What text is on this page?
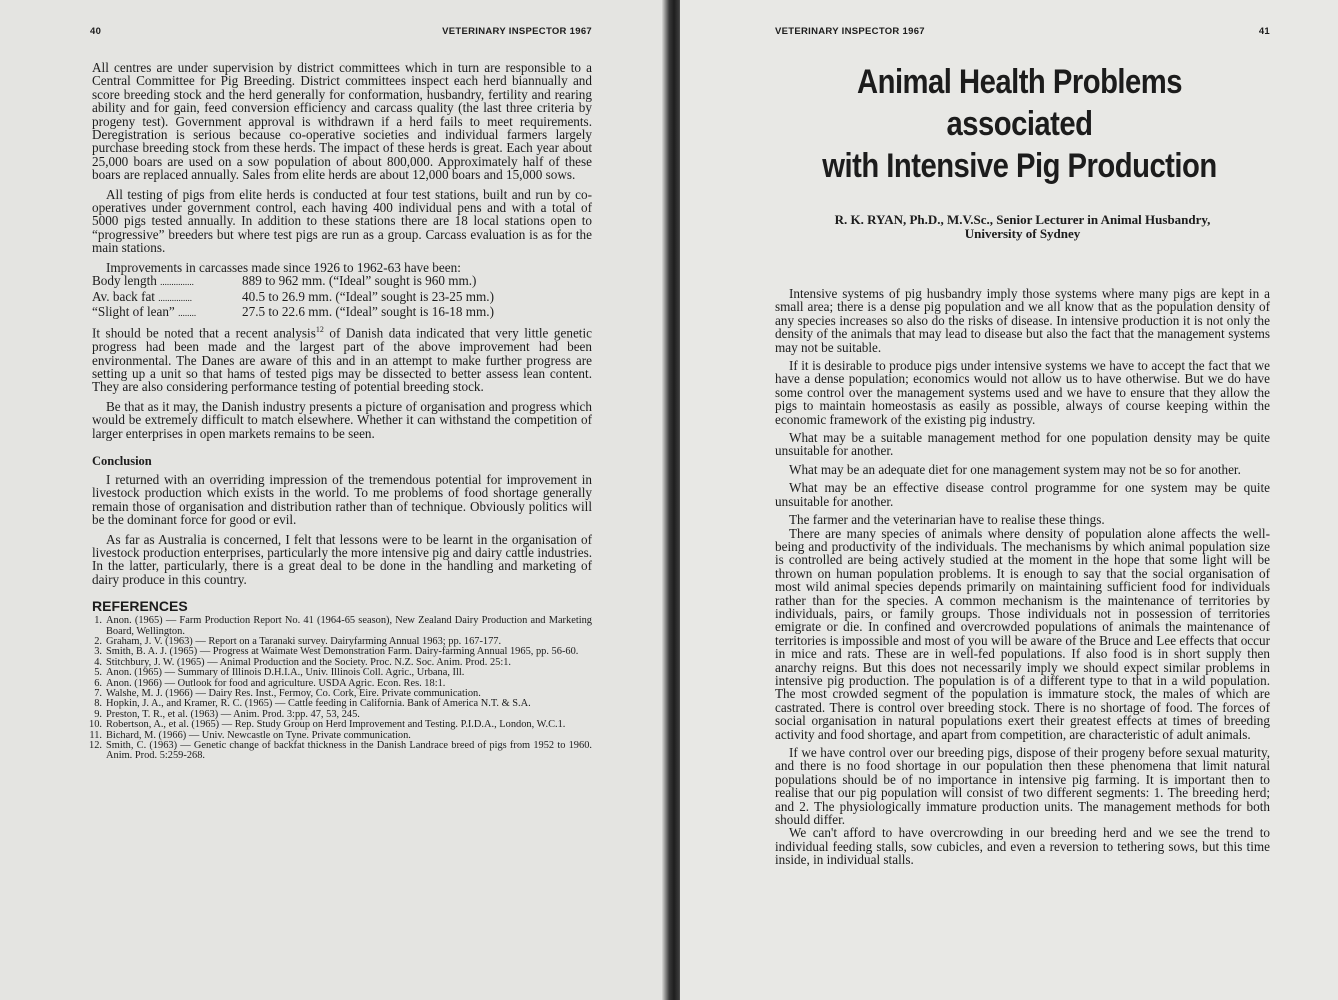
40	VETERINARY INSPECTOR 1967

All centres are under supervision by district committees which in turn are responsible to a Central Committee for Pig Breeding. District committees inspect each herd biannually and score breeding stock and the herd generally for conformation, husbandry, fertility and rearing ability and for gain, feed conversion efficiency and carcass quality (the last three criteria by progeny test). Government approval is withdrawn if a herd fails to meet requirements. Deregistration is serious because co-operative societies and individual farmers largely purchase breeding stock from these herds. The impact of these herds is great. Each year about 25,000 boars are used on a sow population of about 800,000. Approximately half of these boars are replaced annually. Sales from elite herds are about 12,000 boars and 15,000 sows.

All testing of pigs from elite herds is conducted at four test stations, built and run by co-operatives under government control, each having 400 individual pens and with a total of 5000 pigs tested annually. In addition to these stations there are 18 local stations open to “progressive” breeders but where test pigs are run as a group. Carcass evaluation is as for the main stations.

Improvements in carcasses made since 1926 to 1962-63 have been:

Body length ...............	889 to 962 mm. (“Ideal” sought is 960 mm.)
Av. back fat ...............	40.5 to 26.9 mm. (“Ideal” sought is 23-25 mm.)
“Slight of lean” ........	27.5 to 22.6 mm. (“Ideal” sought is 16-18 mm.)

It should be noted that a recent analysis$^{12}$ of Danish data indicated that very little genetic progress had been made and the largest part of the above improvement had been environmental. The Danes are aware of this and in an attempt to make further progress are setting up a unit so that hams of tested pigs may be dissected to better assess lean content. They are also considering performance testing of potential breeding stock.

Be that as it may, the Danish industry presents a picture of organisation and progress which would be extremely difficult to match elsewhere. Whether it can withstand the competition of larger enterprises in open markets remains to be seen.

Conclusion

I returned with an overriding impression of the tremendous potential for improvement in livestock production which exists in the world. To me problems of food shortage generally remain those of organisation and distribution rather than of technique. Obviously politics will be the dominant force for good or evil.

As far as Australia is concerned, I felt that lessons were to be learnt in the organisation of livestock production enterprises, particularly the more intensive pig and dairy cattle industries. In the latter, particularly, there is a great deal to be done in the handling and marketing of dairy produce in this country.

REFERENCES
1. Anon. (1965) — Farm Production Report No. 41 (1964-65 season), New Zealand Dairy Production and Marketing Board, Wellington.
2. Graham, J. V. (1963) — Report on a Taranaki survey. Dairyfarming Annual 1963; pp. 167-177.
3. Smith, B. A. J. (1965) — Progress at Waimate West Demonstration Farm. Dairy-farming Annual 1965, pp. 56-60.
4. Stitchbury, J. W. (1965) — Animal Production and the Society. Proc. N.Z. Soc. Anim. Prod. 25:1.
5. Anon. (1965) — Summary of Illinois D.H.I.A., Univ. Illinois Coll. Agric., Urbana, Ill.
6. Anon. (1966) — Outlook for food and agriculture. USDA Agric. Econ. Res. 18:1.
7. Walshe, M. J. (1966) — Dairy Res. Inst., Fermoy, Co. Cork, Eire. Private communication.
8. Hopkin, J. A., and Kramer, R. C. (1965) — Cattle feeding in California. Bank of America N.T. & S.A.
9. Preston, T. R., et al. (1963) — Anim. Prod. 3:pp. 47, 53, 245.
10. Robertson, A., et al. (1965) — Rep. Study Group on Herd Improvement and Testing. P.I.D.A., London, W.C.1.
11. Bichard, M. (1966) — Univ. Newcastle on Tyne. Private communication.
12. Smith, C. (1963) — Genetic change of backfat thickness in the Danish Landrace breed of pigs from 1952 to 1960. Anim. Prod. 5:259-268.
VETERINARY INSPECTOR 1967	41
Animal Health Problems associated
with Intensive Pig Production
R. K. RYAN, Ph.D., M.V.Sc., Senior Lecturer in Animal Husbandry,
University of Sydney

Intensive systems of pig husbandry imply those systems where many pigs are kept in a small area; there is a dense pig population and we all know that as the population density of any species increases so also do the risks of disease. In intensive production it is not only the density of the animals that may lead to disease but also the fact that the management systems may not be suitable.

If it is desirable to produce pigs under intensive systems we have to accept the fact that we have a dense population; economics would not allow us to have otherwise. But we do have some control over the management systems used and we have to ensure that they allow the pigs to maintain homeostasis as easily as possible, always of course keeping within the economic framework of the existing pig industry.

What may be a suitable management method for one population density may be quite unsuitable for another.

What may be an adequate diet for one management system may not be so for another.

What may be an effective disease control programme for one system may be quite unsuitable for another.

The farmer and the veterinarian have to realise these things.

There are many species of animals where density of population alone affects the well-being and productivity of the individuals. The mechanisms by which animal population size is controlled are being actively studied at the moment in the hope that some light will be thrown on human population problems. It is enough to say that the social organisation of most wild animal species depends primarily on maintaining sufficient food for individuals rather than for the species. A common mechanism is the maintenance of territories by individuals, pairs, or family groups. Those individuals not in possession of territories emigrate or die. In confined and overcrowded populations of animals the maintenance of territories is impossible and most of you will be aware of the Bruce and Lee effects that occur in mice and rats. These are in well-fed populations. If also food is in short supply then anarchy reigns. But this does not necessarily imply we should expect similar problems in intensive pig production. The population is of a different type to that in a wild population. The most crowded segment of the population is immature stock, the males of which are castrated. There is control over breeding stock. There is no shortage of food. The forces of social organisation in natural populations exert their greatest effects at times of breeding activity and food shortage, and apart from competition, are characteristic of adult animals.

If we have control over our breeding pigs, dispose of their progeny before sexual maturity, and there is no food shortage in our population then these phenomena that limit natural populations should be of no importance in intensive pig farming. It is important then to realise that our pig population will consist of two different segments: 1. The breeding herd; and 2. The physiologically immature production units. The management methods for both should differ.

We can't afford to have overcrowding in our breeding herd and we see the trend to individual feeding stalls, sow cubicles, and even a reversion to tethering sows, but this time inside, in individual stalls.
